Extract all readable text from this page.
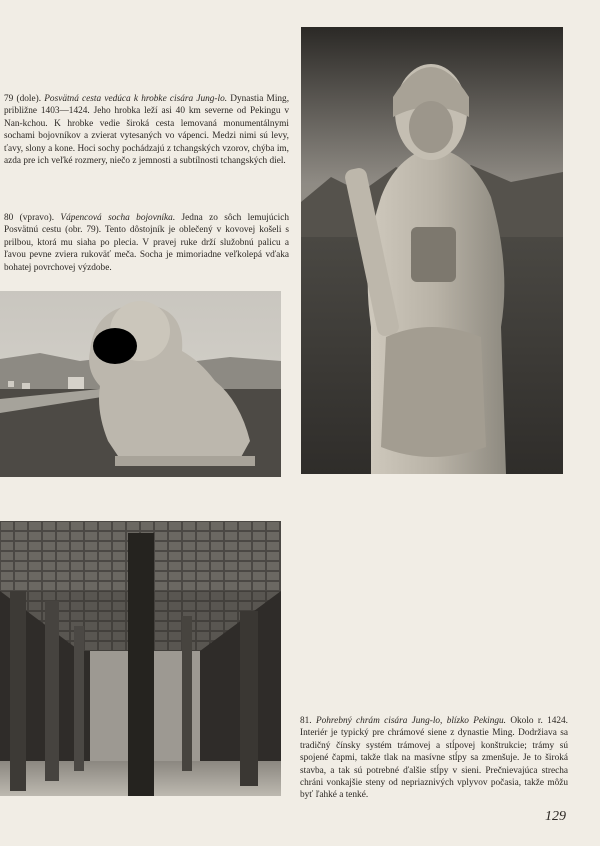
79 (dole). Posvätná cesta vedúca k hrobke cisára Jung-lo. Dynastia Ming, približne 1403—1424. Jeho hrobka leží asi 40 km severne od Pekingu v Nan-kchou. K hrobke vedie široká cesta lemovaná monumentálnymi sochami bojovníkov a zvierat vytesaných vo vápenci. Medzi nimi sú levy, ťavy, slony a kone. Hoci sochy pochádzajú z tchangských vzorov, chýba im, azda pre ich veľké rozmery, niečo z jemnosti a subtílnosti tchangských diel.
80 (vpravo). Vápencová socha bojovníka. Jedna zo sôch lemujúcich Posvätnú cestu (obr. 79). Tento dôstojník je oblečený v kovovej košeli s prilbou, ktorá mu siaha po plecia. V pravej ruke drží služobnú palicu a ľavou pevne zviera rukoväť meča. Socha je mimoriadne veľkolepá vďaka bohatej povrchovej výzdobe.
81. Pohrebný chrám cisára Jung-lo, blízko Pekingu. Okolo r. 1424. Interiér je typický pre chrámové siene z dynastie Ming. Dodržiava sa tradičný čínsky systém trámovej a stĺpovej konštrukcie; trámy sú spojené čapmi, takže tlak na masívne stĺpy sa zmenšuje. Je to široká stavba, a tak sú potrebné ďalšie stĺpy v sieni. Prečnievajúca strecha chráni vonkajšie steny od nepriaznivých vplyvov počasia, takže môžu byť ľahké a tenké.
129
